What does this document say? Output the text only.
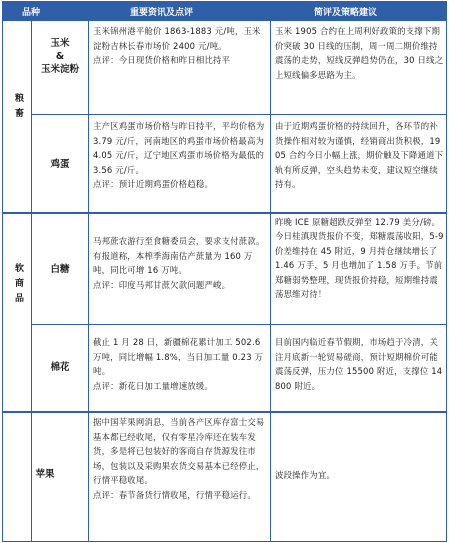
品种	重要资讯及点评	简评及策略建议
粮畜
软商品
玉米
&
玉米淀粉
玉米锦州港平舱价 1863-1883 元/吨，玉米淀粉吉林长春市场价 2400 元/吨。
点评：今日现货价格和昨日相比持平
玉米 1905 合约在上周利好政策的支撑下期价突破 30 日线的压制，周一周二期价维持震荡的走势，短线反弹趋势仍在，30 日线之上短线偏多思路为主。
鸡蛋
主产区鸡蛋市场价格与昨日持平，平均价格为 3.79 元/斤，河南地区的鸡蛋市场价格最高为 4.05 元/斤，辽宁地区鸡蛋市场价格为最低的 3.56 元/斤。
点评：预计近期鸡蛋价格趋稳。
由于近期鸡蛋价格的持续回升，各环节的补货操作相对较为谨慎，经销商出货积极，1905 合约今日小幅上涨，期价触及下降通道下轨有所反弹，空头趋势未变，建议短空继续持有。
白糖
马邦蔗农游行至食糖委员会，要求支付蔗款。有报道称，本榨季海南估产蔗量为 160 万吨，同比可增 16 万吨。
点评：印度马邦甘蔗欠款问题严峻。
昨晚 ICE 原糖超跌反弹至 12.79 美分/磅。今日桂滇现货报价不变，郑糖震荡收阳，5-9 价差维持在 45 附近，9 月持仓继续增长了 1.46 万手，5 月也增加了 1.58 万手。节前郑糖弱势整理，现货报价持稳，短期维持震荡思维对待！
棉花
截止 1 月 28 日，新疆棉花累计加工 502.6 万吨，同比增幅 1.8%，当日加工量 0.23 万吨。
点评：新花日加工量增速放缓。
目前国内临近春节假期，市场趋于冷清，关注月底新一轮贸易磋商，预计短期棉价可能震荡反弹，压力位 15500 附近，支撑位 14800 附近。
苹果
据中国苹果网消息，当前各产区库存富士交易基本都已经收尾，仅有零星冷库还在装车发货，多是将已包装好的客商自存货源发往市场，包装以及采购果农货交易基本已经停止，行情平稳收尾。
点评：春节备货行情收尾，行情平稳运行。
波段操作为宜。
